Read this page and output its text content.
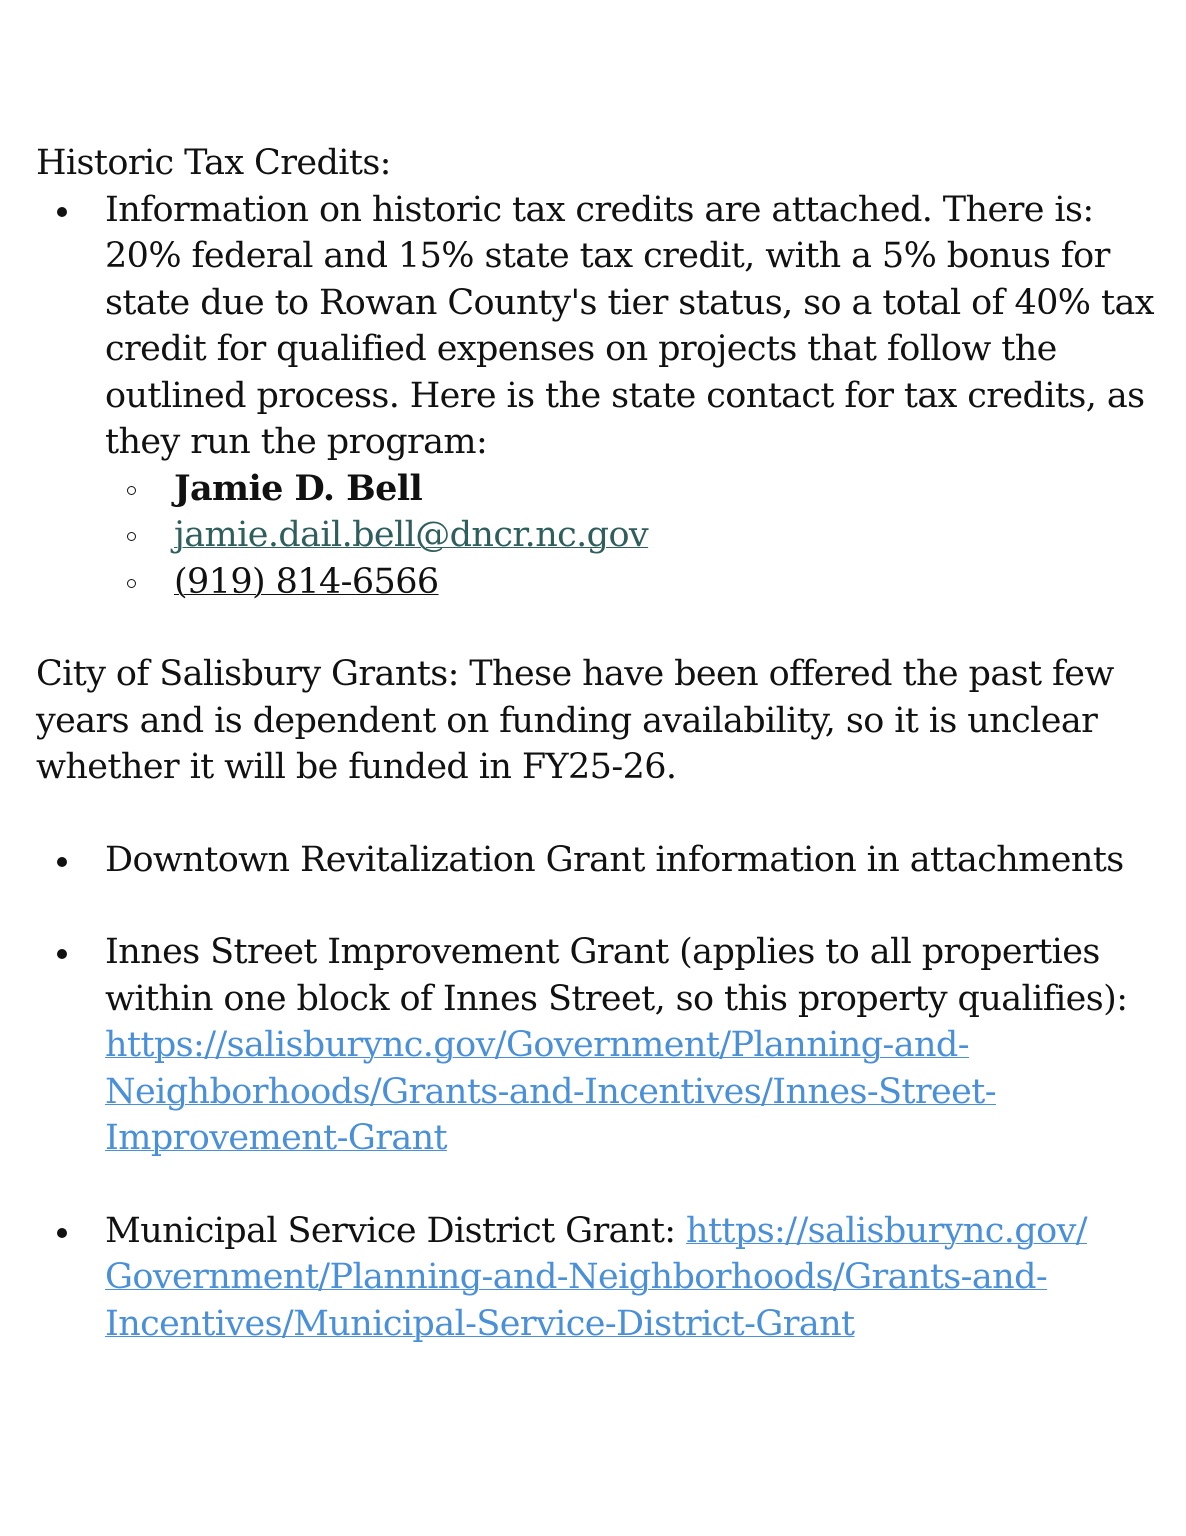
Historic Tax Credits:

Information on historic tax credits are attached. There is: 20% federal and 15% state tax credit, with a 5% bonus for state due to Rowan County's tier status, so a total of 40% tax credit for qualified expenses on projects that follow the outlined process. Here is the state contact for tax credits, as they run the program:
Jamie D. Bell
jamie.dail.bell@dncr.nc.gov
(919) 814-6566

City of Salisbury Grants: These have been offered the past few years and is dependent on funding availability, so it is unclear whether it will be funded in FY25-26.

Downtown Revitalization Grant information in attachments
Innes Street Improvement Grant (applies to all properties within one block of Innes Street, so this property qualifies): https://salisburync.gov/Government/Planning-and-Neighborhoods/Grants-and-Incentives/Innes-Street-Improvement-Grant
Municipal Service District Grant: https://salisburync.gov/Government/Planning-and-Neighborhoods/Grants-and-Incentives/Municipal-Service-District-Grant
